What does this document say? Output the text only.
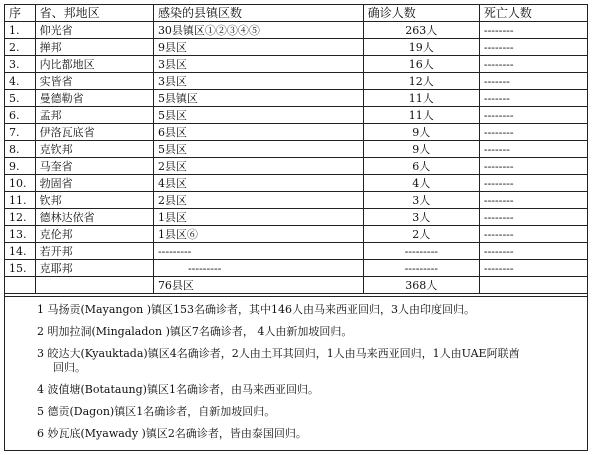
序	省、邦地区	感染的县镇区数	确诊人数	死亡人数
1.	仰光省	30县镇区①②③④⑤	263人	--------
2.	掸邦	9县区	19人	--------
3.	内比都地区	3县区	16人	--------
4.	实皆省	3县区	12人	-------
5.	曼德勒省	5县镇区	11人	-------
6.	孟邦	5县区	11人	--------
7.	伊洛瓦底省	6县区	9人	--------
8.	克钦邦	5县区	9人	-------
9.	马奎省	2县区	6人	--------
10.	勃固省	4县区	4人	--------
11.	钦邦	2县区	3人	--------
12.	德林达依省	1县区	3人	--------
13.	克伦邦	1县区⑥	2人	--------
14.	若开邦	---------	---------	--------
15.	克耶邦	---------	---------	--------
		76县区	368人	
1 马扬贡(Mayangon )镇区153名确诊者，其中146人由马来西亚回归，3人由印度回归。
2 明加拉洞(Mingaladon )镇区7名确诊者， 4人由新加坡回归。
3 皎达大(Kyauktada)镇区4名确诊者，2人由土耳其回归，1人由马来西亚回归，1人由UAE阿联酋
回归。
4 波值塘(Botataung)镇区1名确诊者，由马来西亚回归。
5 德贡(Dagon)镇区1名确诊者，自新加坡回归。
6 妙瓦底(Myawady )镇区2名确诊者，皆由泰国回归。
